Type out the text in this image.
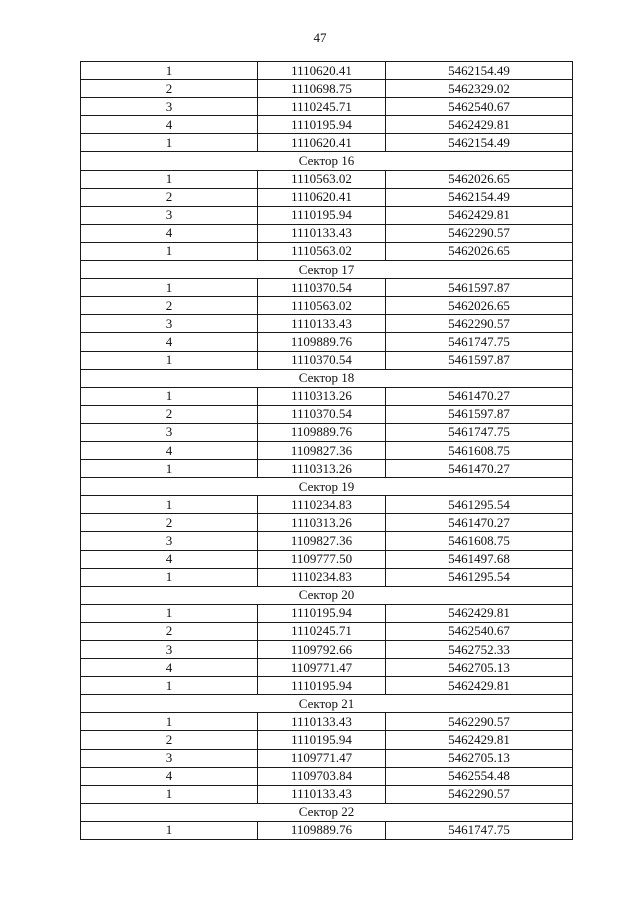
47
1	1110620.41	5462154.49
2	1110698.75	5462329.02
3	1110245.71	5462540.67
4	1110195.94	5462429.81
1	1110620.41	5462154.49
Сектор 16		
1	1110563.02	5462026.65
2	1110620.41	5462154.49
3	1110195.94	5462429.81
4	1110133.43	5462290.57
1	1110563.02	5462026.65
Сектор 17		
1	1110370.54	5461597.87
2	1110563.02	5462026.65
3	1110133.43	5462290.57
4	1109889.76	5461747.75
1	1110370.54	5461597.87
Сектор 18		
1	1110313.26	5461470.27
2	1110370.54	5461597.87
3	1109889.76	5461747.75
4	1109827.36	5461608.75
1	1110313.26	5461470.27
Сектор 19		
1	1110234.83	5461295.54
2	1110313.26	5461470.27
3	1109827.36	5461608.75
4	1109777.50	5461497.68
1	1110234.83	5461295.54
Сектор 20		
1	1110195.94	5462429.81
2	1110245.71	5462540.67
3	1109792.66	5462752.33
4	1109771.47	5462705.13
1	1110195.94	5462429.81
Сектор 21		
1	1110133.43	5462290.57
2	1110195.94	5462429.81
3	1109771.47	5462705.13
4	1109703.84	5462554.48
1	1110133.43	5462290.57
Сектор 22		
1	1109889.76	5461747.75
